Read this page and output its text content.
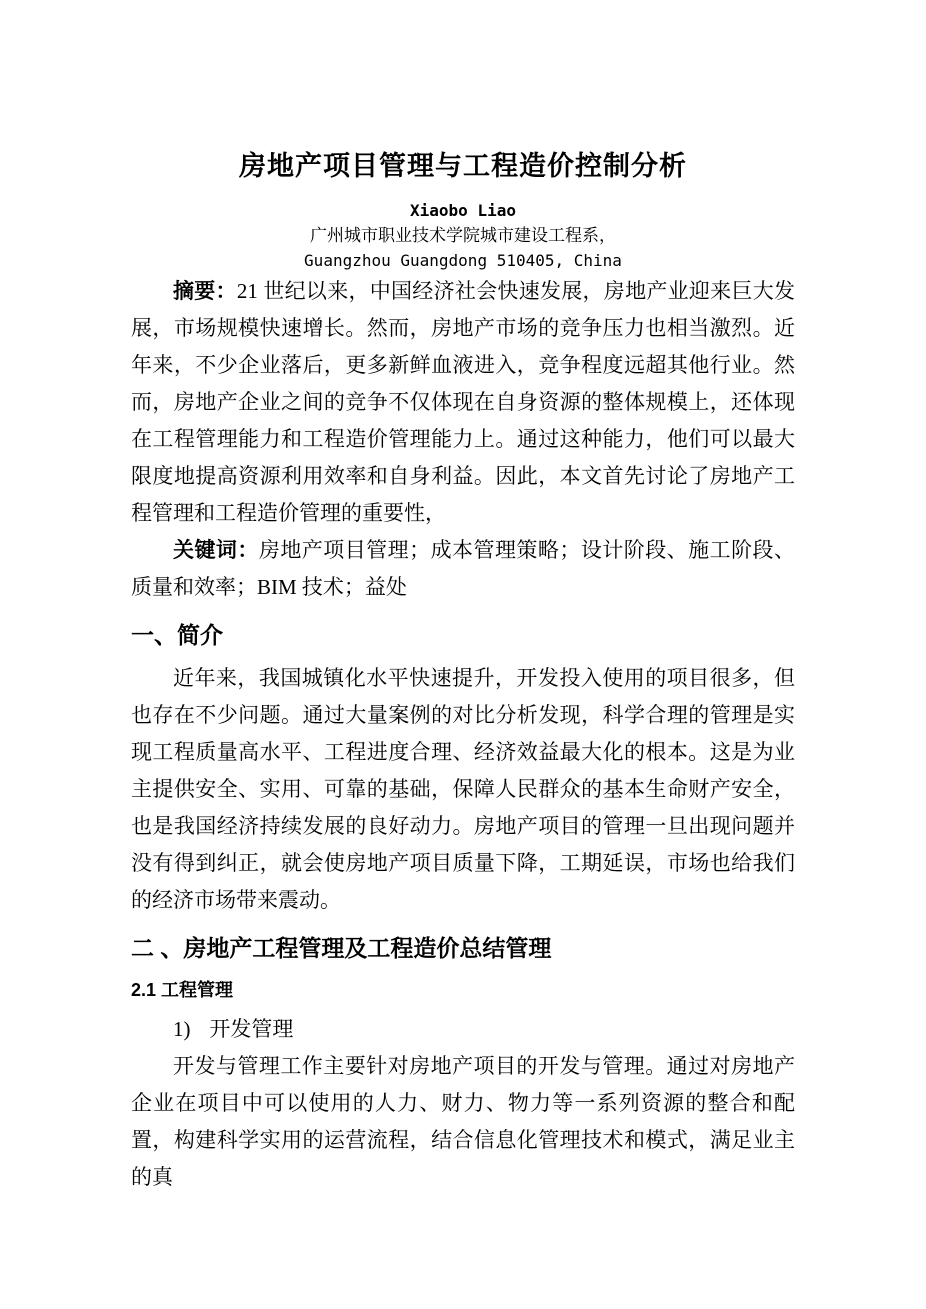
房地产项目管理与工程造价控制分析
Xiaobo Liao
广州城市职业技术学院城市建设工程系，
Guangzhou Guangdong 510405, China

摘要：21 世纪以来，中国经济社会快速发展，房地产业迎来巨大发展，市场规模快速增长。然而，房地产市场的竞争压力也相当激烈。近年来，不少企业落后，更多新鲜血液进入，竞争程度远超其他行业。然而，房地产企业之间的竞争不仅体现在自身资源的整体规模上，还体现在工程管理能力和工程造价管理能力上。通过这种能力，他们可以最大限度地提高资源利用效率和自身利益。因此，本文首先讨论了房地产工程管理和工程造价管理的重要性，

关键词：房地产项目管理；成本管理策略；设计阶段、施工阶段、质量和效率；BIM 技术；益处

一、简介

近年来，我国城镇化水平快速提升，开发投入使用的项目很多，但也存在不少问题。通过大量案例的对比分析发现，科学合理的管理是实现工程质量高水平、工程进度合理、经济效益最大化的根本。这是为业主提供安全、实用、可靠的基础，保障人民群众的基本生命财产安全，也是我国经济持续发展的良好动力。房地产项目的管理一旦出现问题并没有得到纠正，就会使房地产项目质量下降，工期延误，市场也给我们的经济市场带来震动。

二 、房地产工程管理及工程造价总结管理
2.1 工程管理

1) 开发管理

开发与管理工作主要针对房地产项目的开发与管理。通过对房地产企业在项目中可以使用的人力、财力、物力等一系列资源的整合和配置，构建科学实用的运营流程，结合信息化管理技术和模式，满足业主的真
